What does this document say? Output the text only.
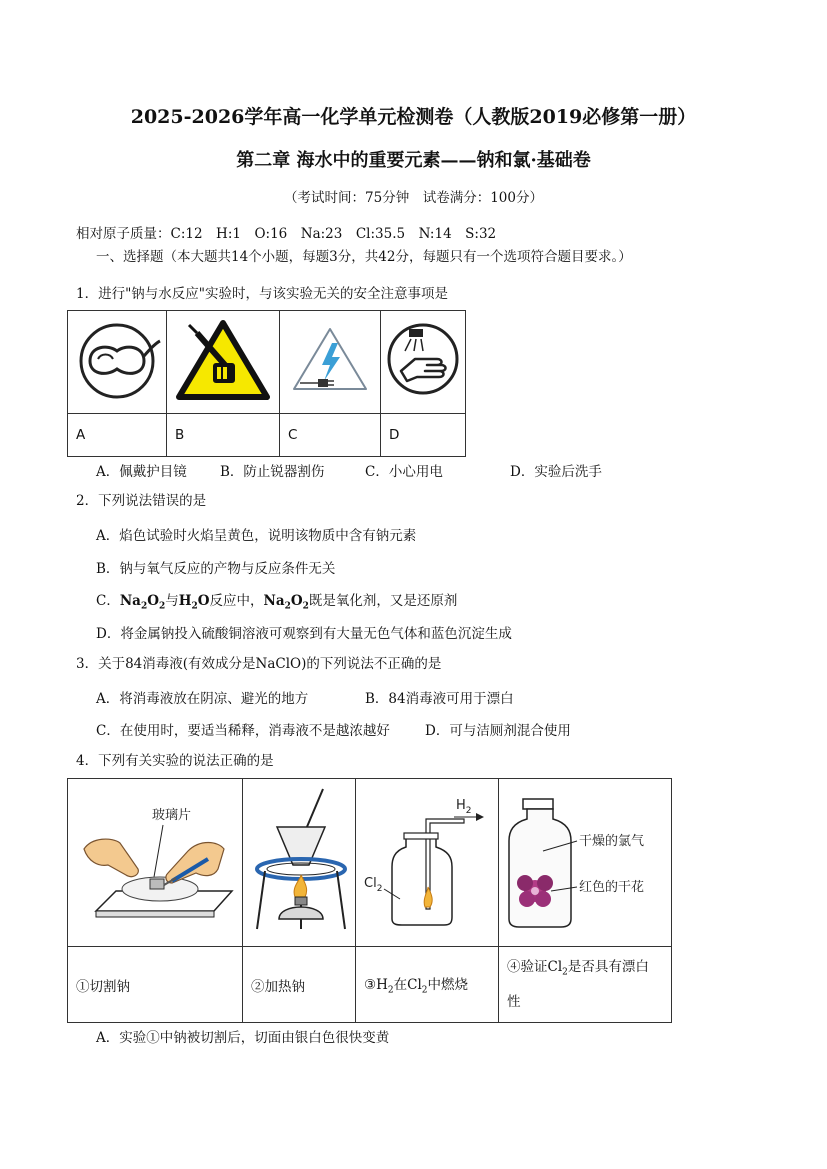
2025-2026学年高一化学单元检测卷（人教版2019必修第一册）
第二章 海水中的重要元素——钠和氯·基础卷
（考试时间：75分钟　试卷满分：100分）
相对原子质量：C:12　H:1　O:16　Na:23　Cl:35.5　N:14　S:32
一、选择题（本大题共14个小题，每题3分，共42分，每题只有一个选项符合题目要求。）
1．进行"钠与水反应"实验时，与该实验无关的安全注意事项是

A	B	C	D
A．佩戴护目镜 B．防止锐器割伤	C．小心用电	D．实验后洗手
2．下列说法错误的是
A．焰色试验时火焰呈黄色，说明该物质中含有钠元素
B．钠与氧气反应的产物与反应条件无关
C．$Na_2O_2$与$H_2O$反应中，$Na_2O_2$既是氧化剂，又是还原剂
D．将金属钠投入硫酸铜溶液可观察到有大量无色气体和蓝色沉淀生成
3．关于84消毒液(有效成分是NaClO)的下列说法不正确的是
A．将消毒液放在阴凉、避光的地方	B．84消毒液可用于漂白
C．在使用时，要适当稀释，消毒液不是越浓越好	D．可与洁厕剂混合使用
4．下列有关实验的说法正确的是
玻璃片		$H_2$
$Cl_2$	干燥的氯气
红色的干花

①切割钠	②加热钠	$③H_2$在$Cl_2$中燃烧	④验证$Cl_2$是否具有漂白
性
A．实验①中钠被切割后，切面由银白色很快变黄
